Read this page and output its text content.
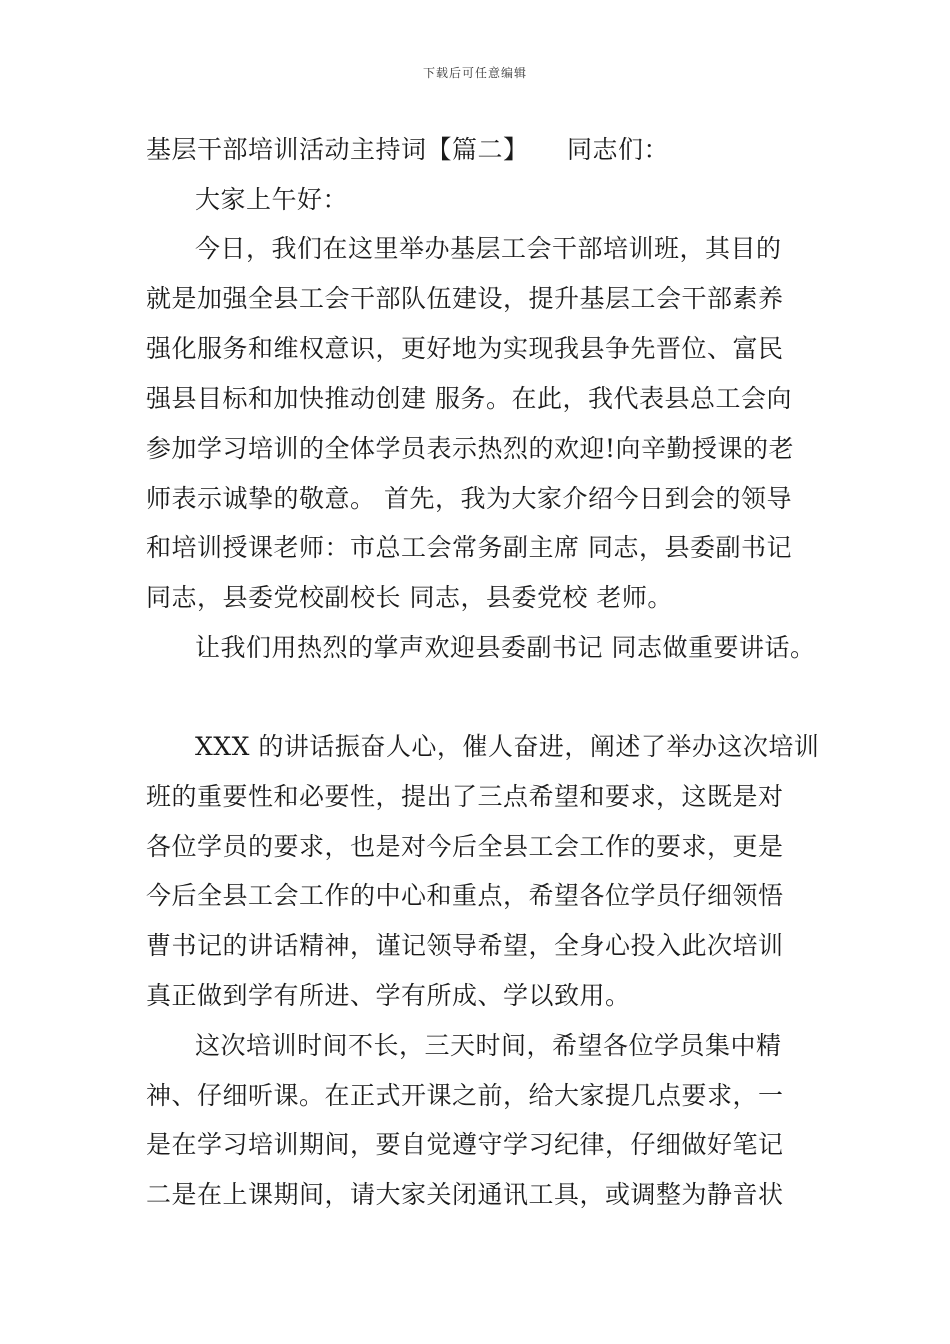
下载后可任意编辑
基层干部培训活动主持词【篇二】　　同志们：
大家上午好：
今日，我们在这里举办基层工会干部培训班，其目的
就是加强全县工会干部队伍建设，提升基层工会干部素养
强化服务和维权意识，更好地为实现我县争先晋位、富民
强县目标和加快推动创建 服务。在此，我代表县总工会向
参加学习培训的全体学员表示热烈的欢迎!向辛勤授课的老
师表示诚挚的敬意。 首先，我为大家介绍今日到会的领导
和培训授课老师：市总工会常务副主席 同志，县委副书记
同志，县委党校副校长 同志，县委党校 老师。
让我们用热烈的掌声欢迎县委副书记 同志做重要讲话。
XXX 的讲话振奋人心，催人奋进，阐述了举办这次培训
班的重要性和必要性，提出了三点希望和要求，这既是对
各位学员的要求，也是对今后全县工会工作的要求，更是
今后全县工会工作的中心和重点，希望各位学员仔细领悟
曹书记的讲话精神，谨记领导希望，全身心投入此次培训
真正做到学有所进、学有所成、学以致用。
这次培训时间不长，三天时间，希望各位学员集中精
神、仔细听课。在正式开课之前，给大家提几点要求，一
是在学习培训期间，要自觉遵守学习纪律，仔细做好笔记
二是在上课期间，请大家关闭通讯工具，或调整为静音状
